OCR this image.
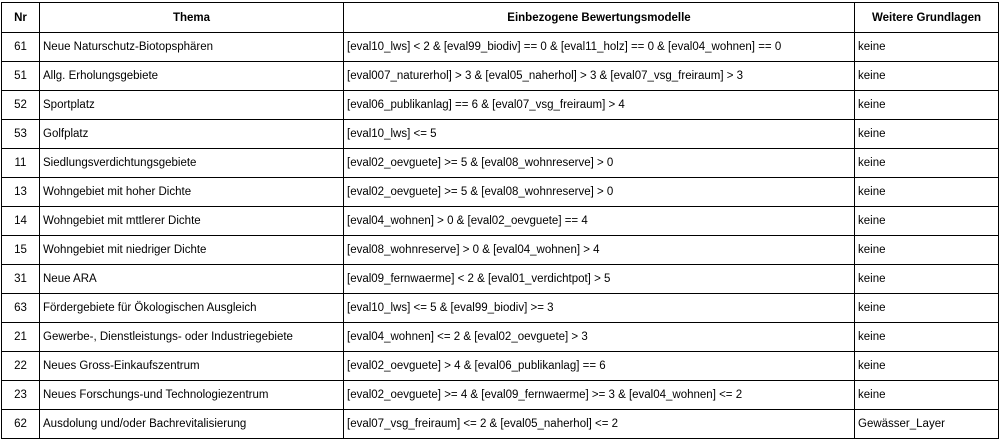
Nr	Thema	Einbezogene Bewertungsmodelle	Weitere Grundlagen
61	Neue Naturschutz-Biotopsphären	[eval10_lws] < 2 & [eval99_biodiv] == 0 & [eval11_holz] == 0 & [eval04_wohnen] == 0	keine
51	Allg. Erholungsgebiete	[eval007_naturerhol] > 3 & [eval05_naherhol] > 3 & [eval07_vsg_freiraum] > 3	keine
52	Sportplatz	[eval06_publikanlag] == 6 & [eval07_vsg_freiraum] > 4	keine
53	Golfplatz	[eval10_lws] <= 5	keine
11	Siedlungsverdichtungsgebiete	[eval02_oevguete] >= 5 & [eval08_wohnreserve] > 0	keine
13	Wohngebiet mit hoher Dichte	[eval02_oevguete] >= 5 & [eval08_wohnreserve] > 0	keine
14	Wohngebiet mit mttlerer Dichte	[eval04_wohnen] > 0 & [eval02_oevguete] == 4	keine
15	Wohngebiet mit niedriger Dichte	[eval08_wohnreserve] > 0 & [eval04_wohnen] > 4	keine
31	Neue ARA	[eval09_fernwaerme] < 2 & [eval01_verdichtpot] > 5	keine
63	Fördergebiete für Ökologischen Ausgleich	[eval10_lws] <= 5 & [eval99_biodiv] >= 3	keine
21	Gewerbe-, Dienstleistungs- oder Industriegebiete	[eval04_wohnen] <= 2 & [eval02_oevguete] > 3	keine
22	Neues Gross-Einkaufszentrum	[eval02_oevguete] > 4 & [eval06_publikanlag] == 6	keine
23	Neues Forschungs-und Technologiezentrum	[eval02_oevguete] >= 4 & [eval09_fernwaerme] >= 3 & [eval04_wohnen] <= 2	keine
62	Ausdolung und/oder Bachrevitalisierung	[eval07_vsg_freiraum] <= 2 & [eval05_naherhol] <= 2	Gewässer_Layer
